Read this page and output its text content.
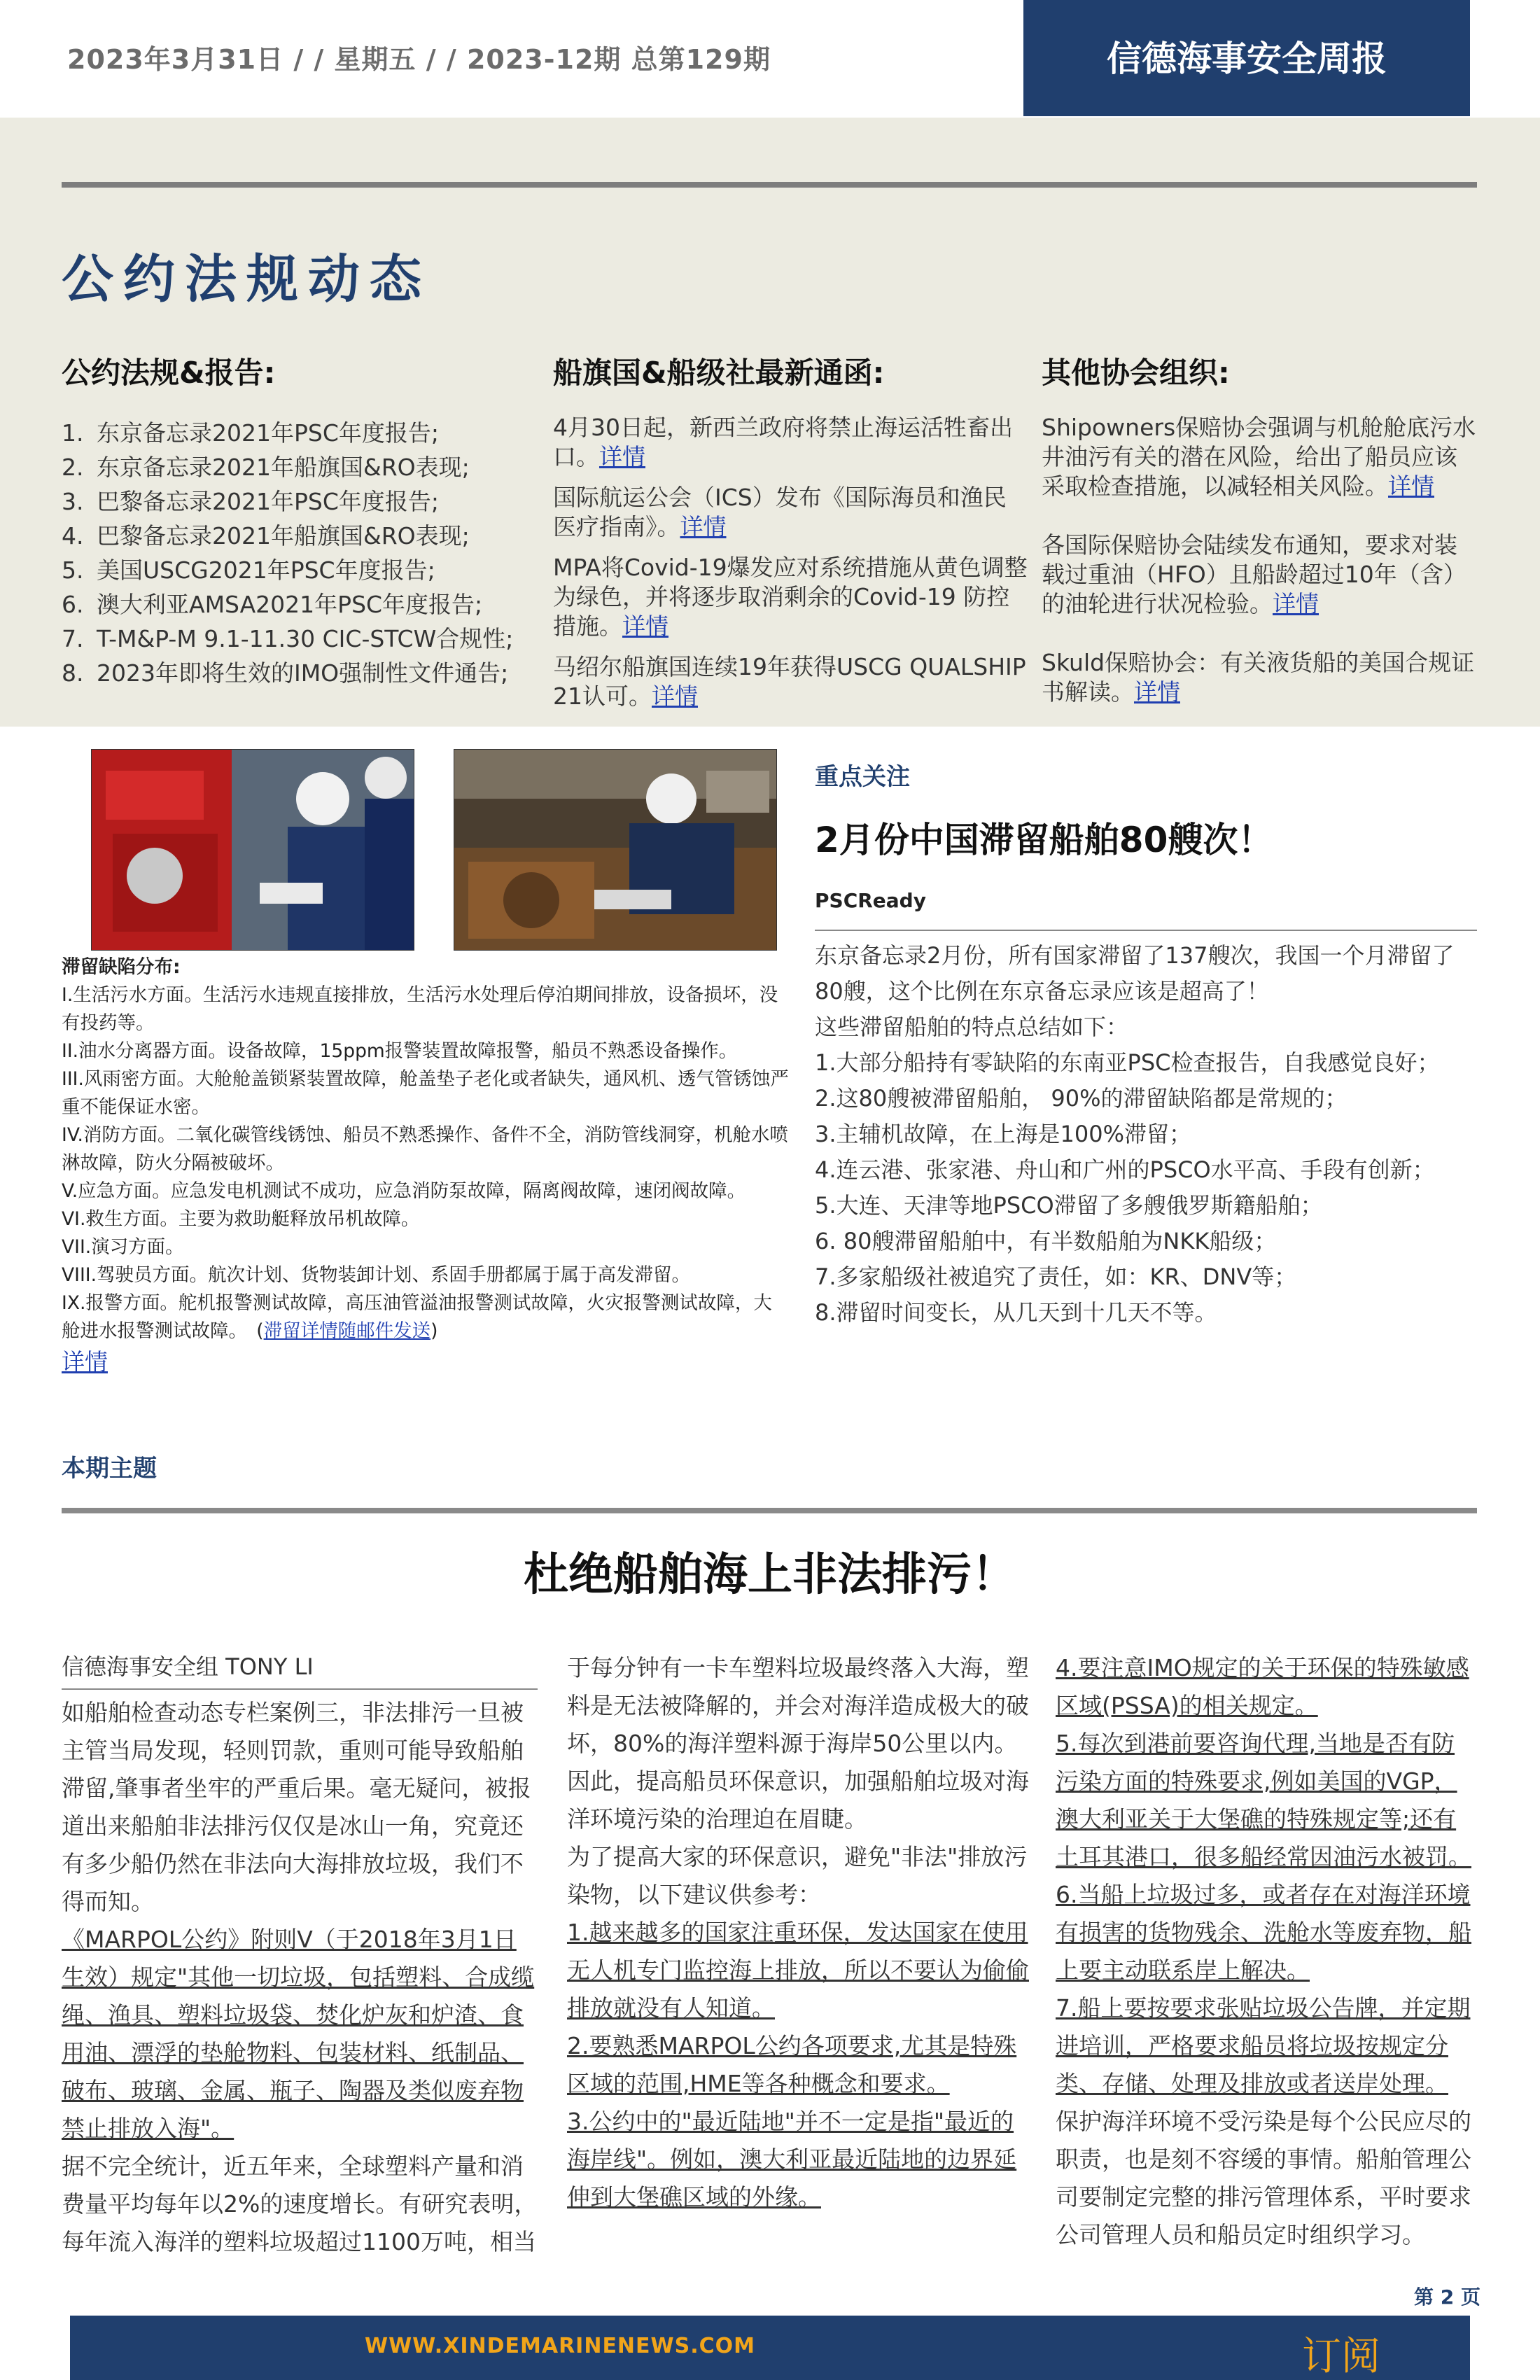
2023年3月31日 / / 星期五 / / 2023-12期 总第129期	信德海事安全周报
公约法规动态
公约法规&报告:	船旗国&船级社最新通函:	其他协会组织:
1. 东京备忘录2021年PSC年度报告;
2. 东京备忘录2021年船旗国&RO表现;
3. 巴黎备忘录2021年PSC年度报告;
4. 巴黎备忘录2021年船旗国&RO表现;
5. 美国USCG2021年PSC年度报告;
6. 澳大利亚AMSA2021年PSC年度报告;
7. T-M&P-M 9.1-11.30 CIC-STCW合规性;
8. 2023年即将生效的IMO强制性文件通告;

4月30日起，新西兰政府将禁止海运活牲畜出口。详情

国际航运公会（ICS）发布《国际海员和渔民医疗指南》。详情

MPA将Covid-19爆发应对系统措施从黄色调整为绿色，并将逐步取消剩余的Covid-19 防控措施。详情

马绍尔船旗国连续19年获得USCG QUALSHIP 21认可。详情

Shipowners保赔协会强调与机舱舱底污水井油污有关的潜在风险，给出了船员应该采取检查措施，以减轻相关风险。详情

各国际保赔协会陆续发布通知，要求对装载过重油（HFO）且船龄超过10年（含）的油轮进行状况检验。详情

Skuld保赔协会：有关液货船的美国合规证书解读。详情

滞留缺陷分布:

I.生活污水方面。生活污水违规直接排放，生活污水处理后停泊期间排放，设备损坏，没有投药等。

II.油水分离器方面。设备故障，15ppm报警装置故障报警，船员不熟悉设备操作。

III.风雨密方面。大舱舱盖锁紧装置故障，舱盖垫子老化或者缺失，通风机、透气管锈蚀严重不能保证水密。

IV.消防方面。二氧化碳管线锈蚀、船员不熟悉操作、备件不全，消防管线洞穿，机舱水喷淋故障，防火分隔被破坏。

V.应急方面。应急发电机测试不成功，应急消防泵故障，隔离阀故障，速闭阀故障。

VI.救生方面。主要为救助艇释放吊机故障。

VII.演习方面。

VIII.驾驶员方面。航次计划、货物装卸计划、系固手册都属于属于高发滞留。

IX.报警方面。舵机报警测试故障，高压油管溢油报警测试故障，火灾报警测试故障，大舱进水报警测试故障。　(滞留详情随邮件发送)

详情

重点关注
2月份中国滞留船舶80艘次！
PSCReady

东京备忘录2月份，所有国家滞留了137艘次，我国一个月滞留了

80艘，这个比例在东京备忘录应该是超高了！

这些滞留船舶的特点总结如下：

1.大部分船持有零缺陷的东南亚PSC检查报告，自我感觉良好；

2.这80艘被滞留船舶， 90%的滞留缺陷都是常规的；

3.主辅机故障，在上海是100%滞留；

4.连云港、张家港、舟山和广州的PSCO水平高、手段有创新；

5.大连、天津等地PSCO滞留了多艘俄罗斯籍船舶；

6. 80艘滞留船舶中，有半数船舶为NKK船级；

7.多家船级社被追究了责任，如：KR、DNV等；

8.滞留时间变长，从几天到十几天不等。

本期主题
杜绝船舶海上非法排污！
信德海事安全组 TONY LI

如船舶检查动态专栏案例三，非法排污一旦被主管当局发现，轻则罚款，重则可能导致船舶滞留,肇事者坐牢的严重后果。毫无疑问，被报道出来船舶非法排污仅仅是冰山一角，究竟还有多少船仍然在非法向大海排放垃圾，我们不得而知。

《MARPOL公约》附则V（于2018年3月1日生效）规定"其他一切垃圾，包括塑料、合成缆绳、渔具、塑料垃圾袋、焚化炉灰和炉渣、食用油、漂浮的垫舱物料、包装材料、纸制品、破布、玻璃、金属、瓶子、陶器及类似废弃物禁止排放入海"。

据不完全统计，近五年来，全球塑料产量和消费量平均每年以2%的速度增长。有研究表明，每年流入海洋的塑料垃圾超过1100万吨，相当

于每分钟有一卡车塑料垃圾最终落入大海，塑料是无法被降解的，并会对海洋造成极大的破坏，80%的海洋塑料源于海岸50公里以内。

因此，提高船员环保意识，加强船舶垃圾对海洋环境污染的治理迫在眉睫。

为了提高大家的环保意识，避免"非法"排放污染物，以下建议供参考：

1.越来越多的国家注重环保，发达国家在使用无人机专门监控海上排放，所以不要认为偷偷排放就没有人知道。

2.要熟悉MARPOL公约各项要求,尤其是特殊区域的范围,HME等各种概念和要求。

3.公约中的"最近陆地"并不一定是指"最近的海岸线"。例如，澳大利亚最近陆地的边界延伸到大堡礁区域的外缘。

4.要注意IMO规定的关于环保的特殊敏感区域(PSSA)的相关规定。

5.每次到港前要咨询代理,当地是否有防污染方面的特殊要求,例如美国的VGP，澳大利亚关于大堡礁的特殊规定等;还有土耳其港口，很多船经常因油污水被罚。

6.当船上垃圾过多，或者存在对海洋环境有损害的货物残余、洗舱水等废弃物，船上要主动联系岸上解决。

7.船上要按要求张贴垃圾公告牌，并定期进培训，严格要求船员将垃圾按规定分类、存储、处理及排放或者送岸处理。

保护海洋环境不受污染是每个公民应尽的职责，也是刻不容缓的事情。船舶管理公司要制定完整的排污管理体系，平时要求公司管理人员和船员定时组织学习。

第 2 页
WWW.XINDEMARINENEWS.COM	订阅
